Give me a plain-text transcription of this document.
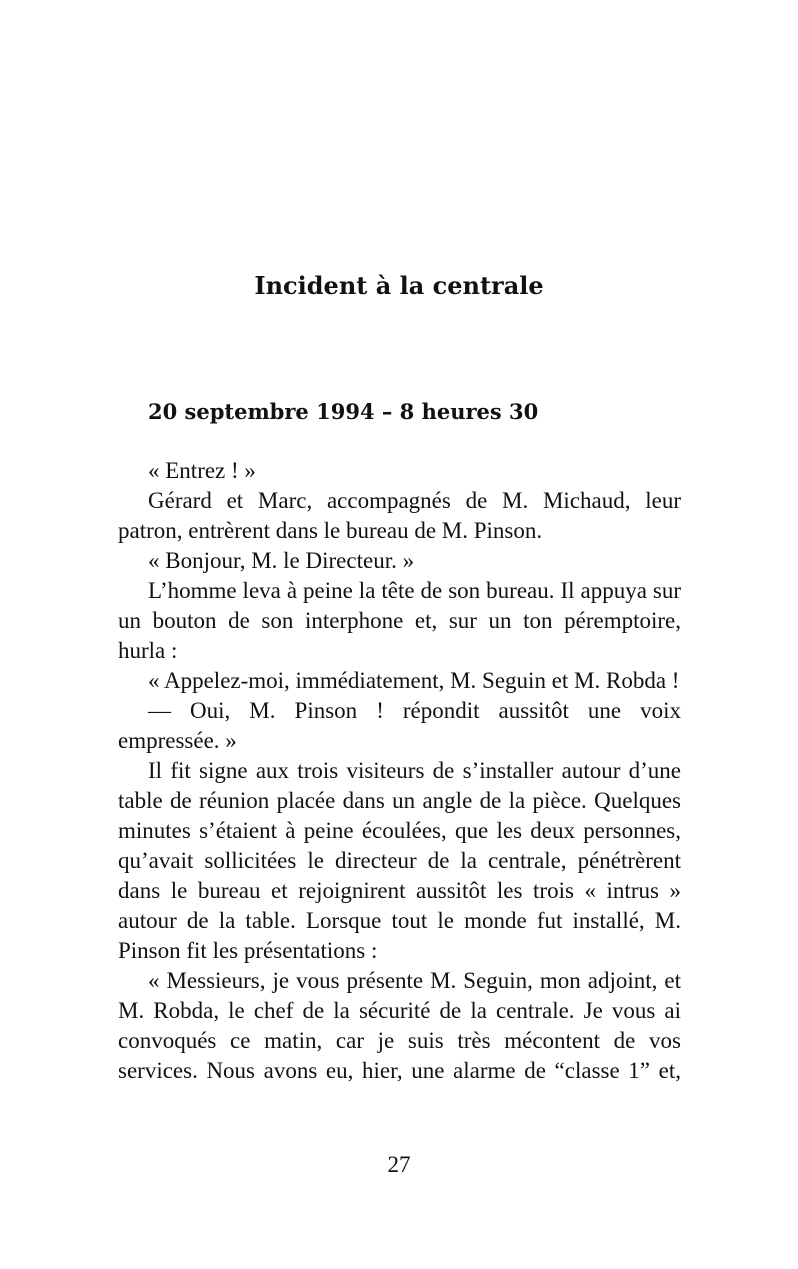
Incident à la centrale
20 septembre 1994 – 8 heures 30

« Entrez ! »

Gérard et Marc, accompagnés de M. Michaud, leur patron, entrèrent dans le bureau de M. Pinson.

« Bonjour, M. le Directeur. »

L’homme leva à peine la tête de son bureau. Il appuya sur un bouton de son interphone et, sur un ton péremptoire, hurla :

« Appelez-moi, immédiatement, M. Seguin et M. Robda !

— Oui, M. Pinson ! répondit aussitôt une voix empressée. »

Il fit signe aux trois visiteurs de s’installer autour d’une table de réunion placée dans un angle de la pièce. Quelques minutes s’étaient à peine écoulées, que les deux personnes, qu’avait sollicitées le directeur de la centrale, pénétrèrent dans le bureau et rejoignirent aussitôt les trois « intrus » autour de la table. Lorsque tout le monde fut installé, M. Pinson fit les présentations :

« Messieurs, je vous présente M. Seguin, mon adjoint, et M. Robda, le chef de la sécurité de la centrale. Je vous ai convoqués ce matin, car je suis très mécontent de vos services. Nous avons eu, hier, une alarme de “classe 1” et,

27
